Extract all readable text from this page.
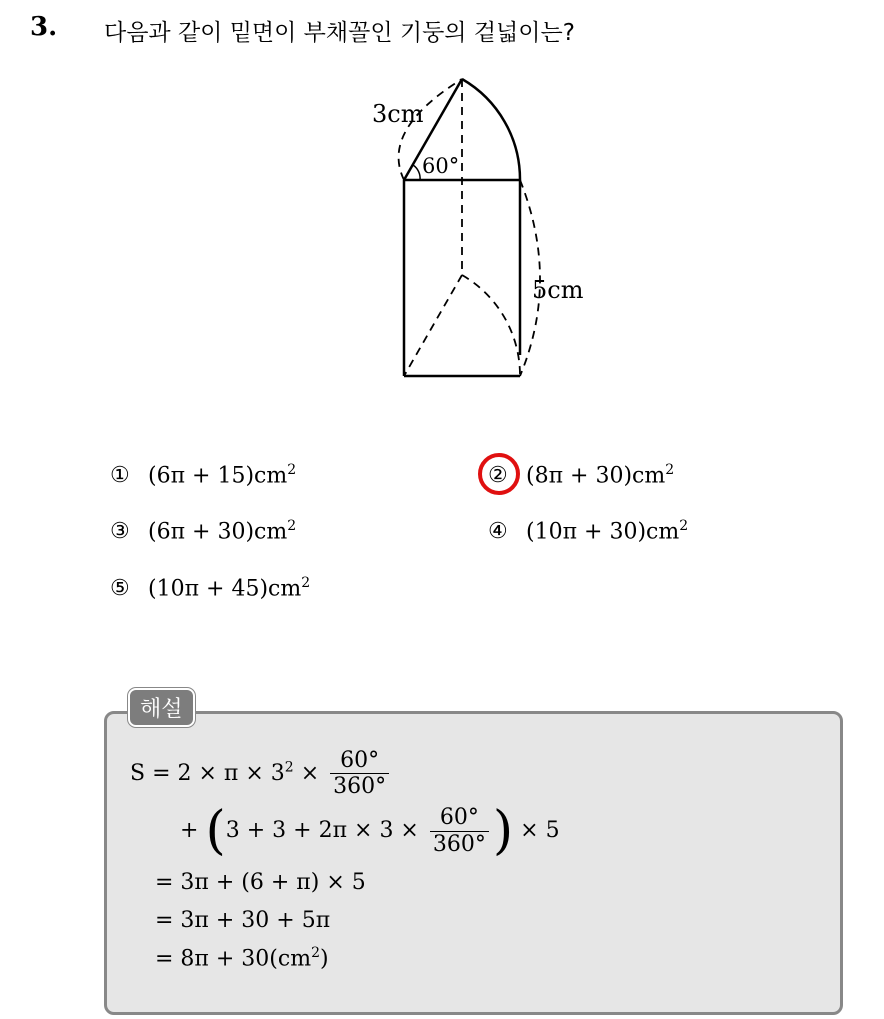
3. 다음과 같이 밑면이 부채꼴인 기둥의 겉넓이는?
3cm
60°
5cm
① $(6\pi + 15)cm^2$	② $(8\pi + 30)cm^2$
③ $(6\pi + 30)cm^2$	④ $(10\pi + 30)cm^2$
⑤ $(10\pi + 45)cm^2$
해설
$S = 2 \times \pi \times 3^2 \times \frac{60^\circ}{360^\circ}$
+ ($3 + 3 + 2\pi \times 3 \times \frac{60^\circ}{360^\circ}$ ) × 5
= 3π + (6 + π) × 5
= 3π + 30 + 5π
= $8\pi + 30(cm^2)$
